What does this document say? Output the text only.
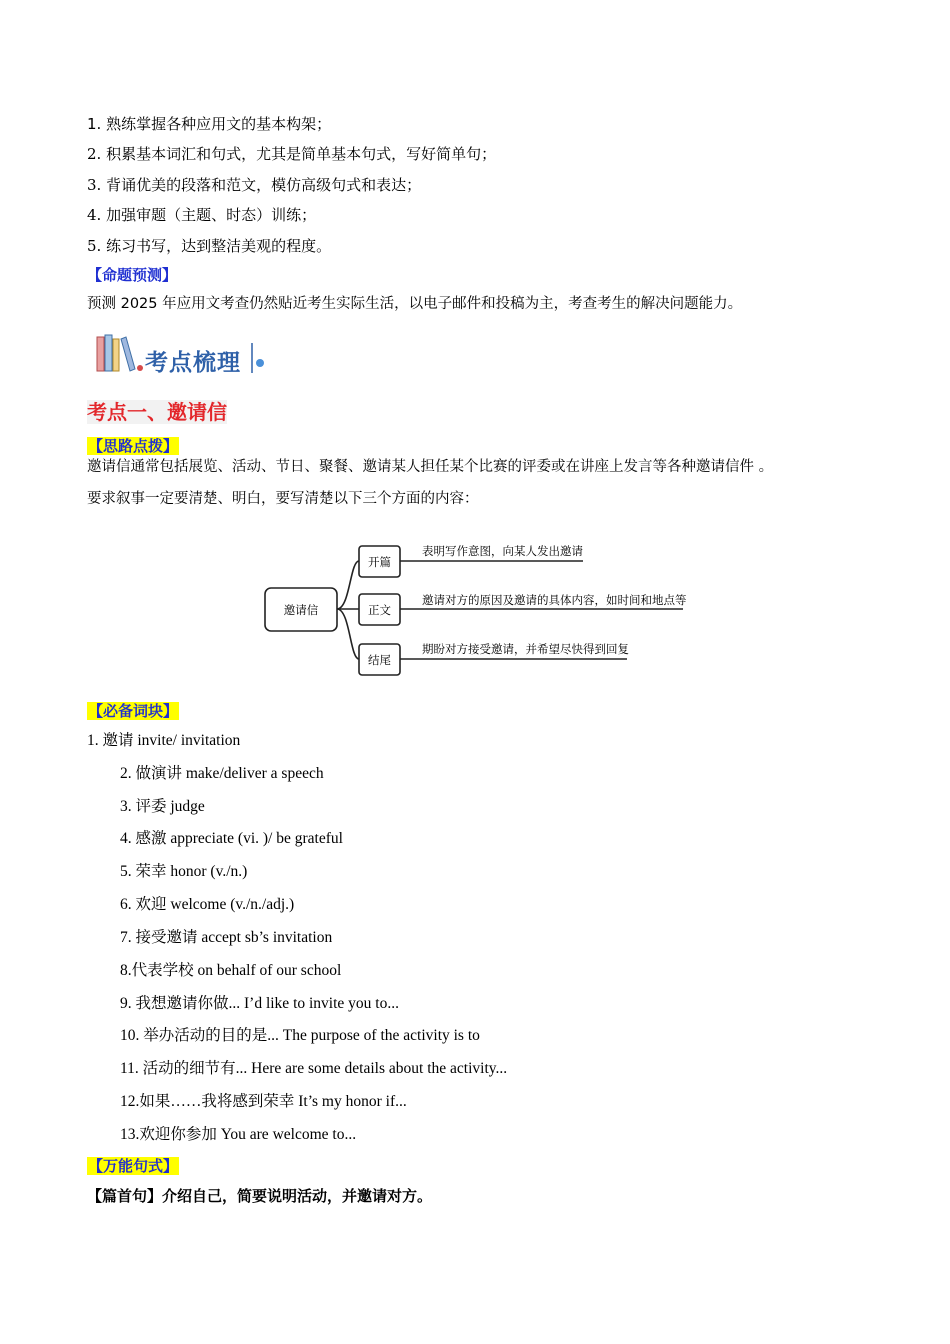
1. 熟练掌握各种应用文的基本构架；
2. 积累基本词汇和句式，尤其是简单基本句式，写好简单句；
3. 背诵优美的段落和范文，模仿高级句式和表达；
4. 加强审题（主题、时态）训练；
5. 练习书写，达到整洁美观的程度。
【命题预测】
预测 2025 年应用文考查仍然贴近考生实际生活，以电子邮件和投稿为主，考查考生的解决问题能力。
考点梳理
考点一、邀请信
【思路点拨】
邀请信通常包括展览、活动、节日、聚餐、邀请某人担任某个比赛的评委或在讲座上发言等各种邀请信件 。
要求叙事一定要清楚、明白，要写清楚以下三个方面的内容：
邀请信
开篇
表明写作意图，向某人发出邀请
正文
邀请对方的原因及邀请的具体内容，如时间和地点等
结尾
期盼对方接受邀请，并希望尽快得到回复
【必备词块】
1. 邀请 invite/ invitation
2. 做演讲 make/deliver a speech
3. 评委 judge
4. 感激 appreciate (vi. )/ be grateful
5. 荣幸 honor (v./n.)
6. 欢迎 welcome (v./n./adj.)
7. 接受邀请 accept sb’s invitation
8.代表学校 on behalf of our school
9. 我想邀请你做... I’d like to invite you to...
10. 举办活动的目的是... The purpose of the activity is to
11. 活动的细节有... Here are some details about the activity...
12.如果……我将感到荣幸 It’s my honor if...
13.欢迎你参加 You are welcome to...
【万能句式】
【篇首句】介绍自己，简要说明活动，并邀请对方。
